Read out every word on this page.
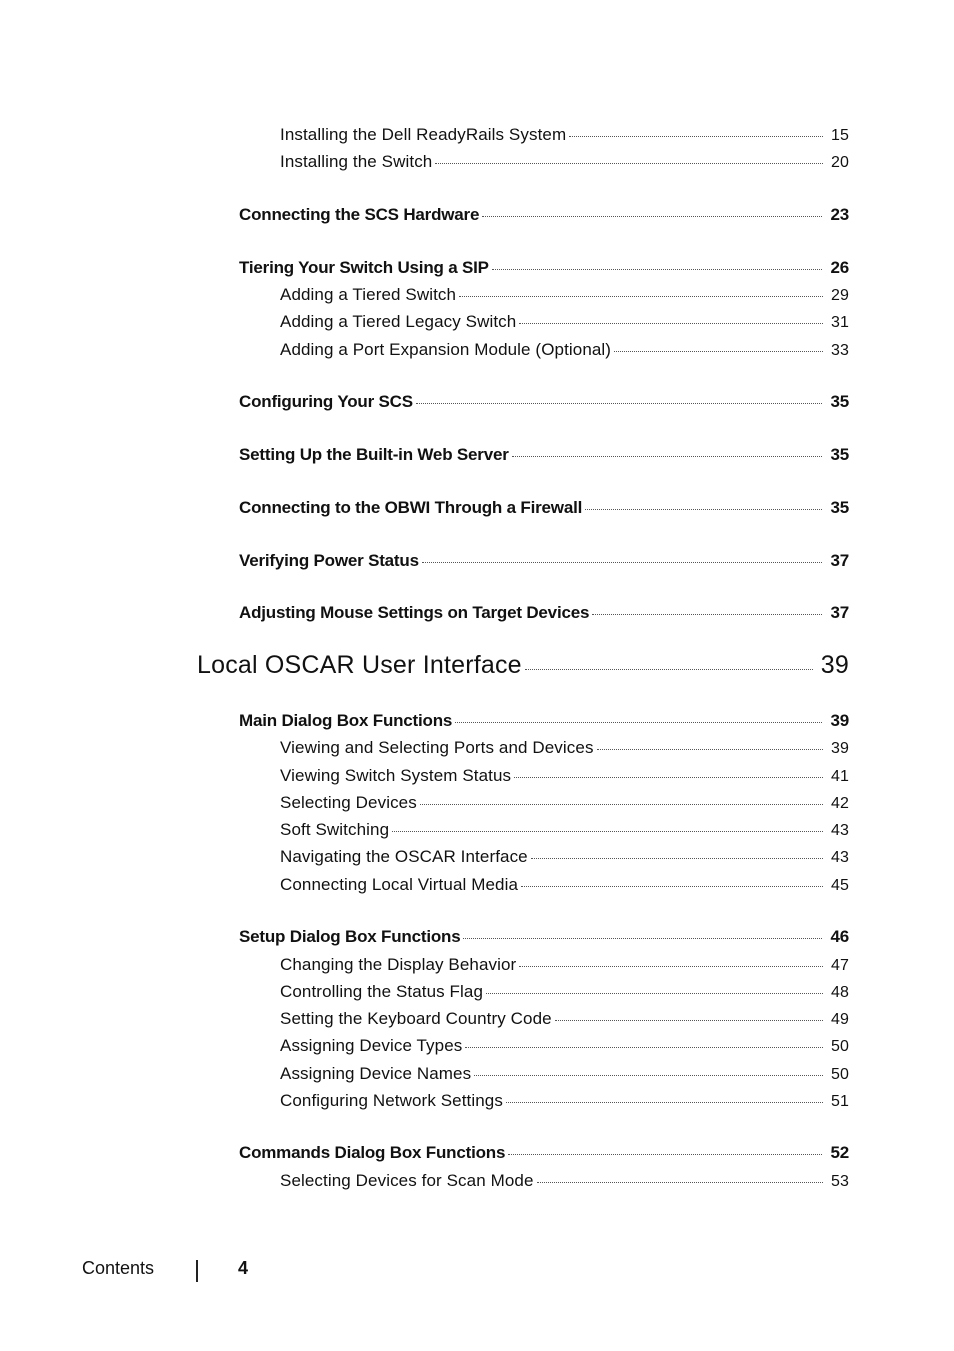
Installing the Dell ReadyRails System	15
Installing the Switch	20
Connecting the SCS Hardware	23
Tiering Your Switch Using a SIP	26
Adding a Tiered Switch	29
Adding a Tiered Legacy Switch	31
Adding a Port Expansion Module (Optional)	33
Configuring Your SCS	35
Setting Up the Built-in Web Server	35
Connecting to the OBWI Through a Firewall	35
Verifying Power Status	37
Adjusting Mouse Settings on Target Devices	37
Local OSCAR User Interface	39
Main Dialog Box Functions	39
Viewing and Selecting Ports and Devices	39
Viewing Switch System Status	41
Selecting Devices	42
Soft Switching	43
Navigating the OSCAR Interface	43
Connecting Local Virtual Media	45
Setup Dialog Box Functions	46
Changing the Display Behavior	47
Controlling the Status Flag	48
Setting the Keyboard Country Code	49
Assigning Device Types	50
Assigning Device Names	50
Configuring Network Settings	51
Commands Dialog Box Functions	52
Selecting Devices for Scan Mode	53
Contents	4
